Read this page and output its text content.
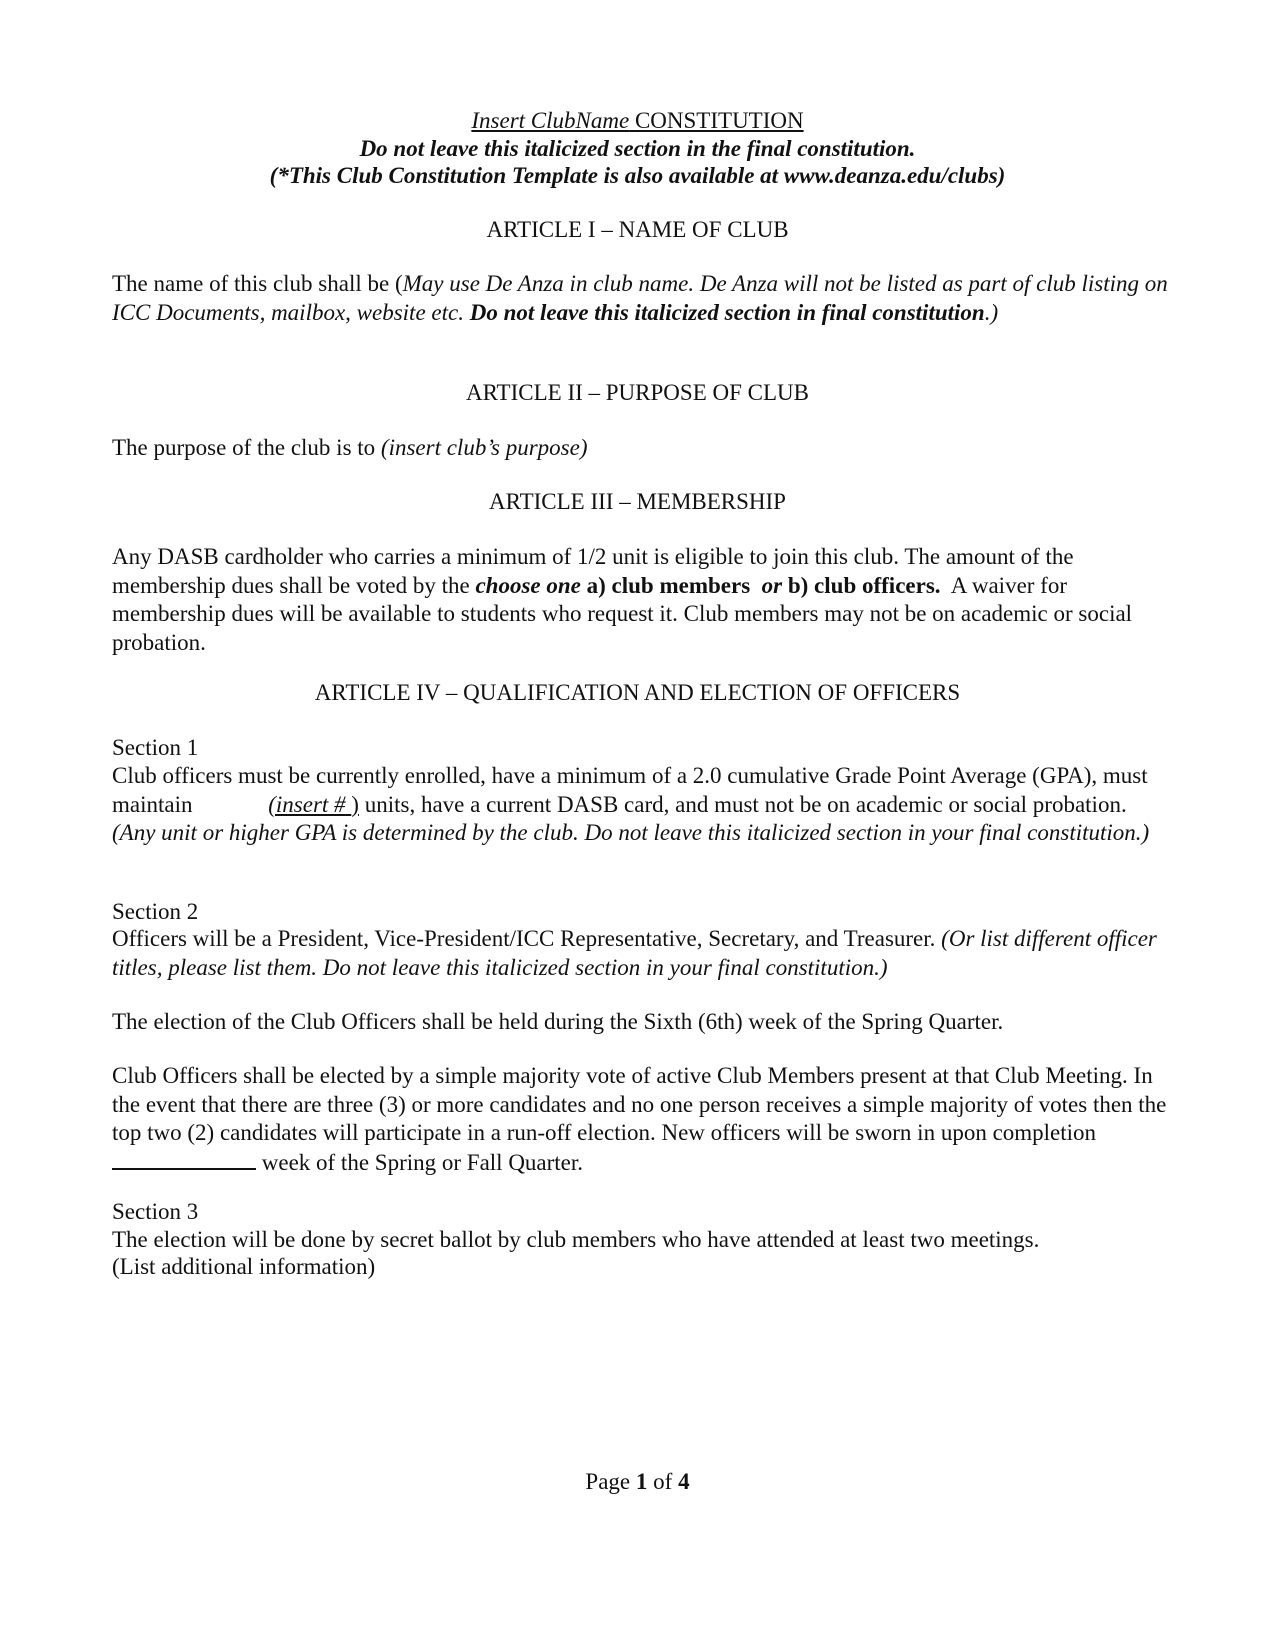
Insert ClubName CONSTITUTION

Do not leave this italicized section in the final constitution.

(*This Club Constitution Template is also available at www.deanza.edu/clubs)

ARTICLE I – NAME OF CLUB

The name of this club shall be (May use De Anza in club name. De Anza will not be listed as part of club listing on ICC Documents, mailbox, website etc. Do not leave this italicized section in final constitution.)

ARTICLE II – PURPOSE OF CLUB

The purpose of the club is to (insert club’s purpose)

ARTICLE III – MEMBERSHIP

Any DASB cardholder who carries a minimum of 1/2 unit is eligible to join this club. The amount of the membership dues shall be voted by the choose one a) club members or b) club officers. A waiver for membership dues will be available to students who request it. Club members may not be on academic or social probation.

ARTICLE IV – QUALIFICATION AND ELECTION OF OFFICERS

Section 1

Club officers must be currently enrolled, have a minimum of a 2.0 cumulative Grade Point Average (GPA), must maintain	(insert # ) units, have a current DASB card, and must not be on academic or social probation.  (Any unit or higher GPA is determined by the club. Do not leave this italicized section in your final constitution.)

Section 2

Officers will be a President, Vice-President/ICC Representative, Secretary, and Treasurer. (Or list different officer titles, please list them. Do not leave this italicized section in your final constitution.)

The election of the Club Officers shall be held during the Sixth (6th) week of the Spring Quarter.

Club Officers shall be elected by a simple majority vote of active Club Members present at that Club Meeting. In the event that there are three (3) or more candidates and no one person receives a simple majority of votes then the top two (2) candidates will participate in a run-off election. New officers will be sworn in upon completion  week of the Spring or Fall Quarter.

Section 3

The election will be done by secret ballot by club members who have attended at least two meetings.

(List additional information)

Page 1 of 4
